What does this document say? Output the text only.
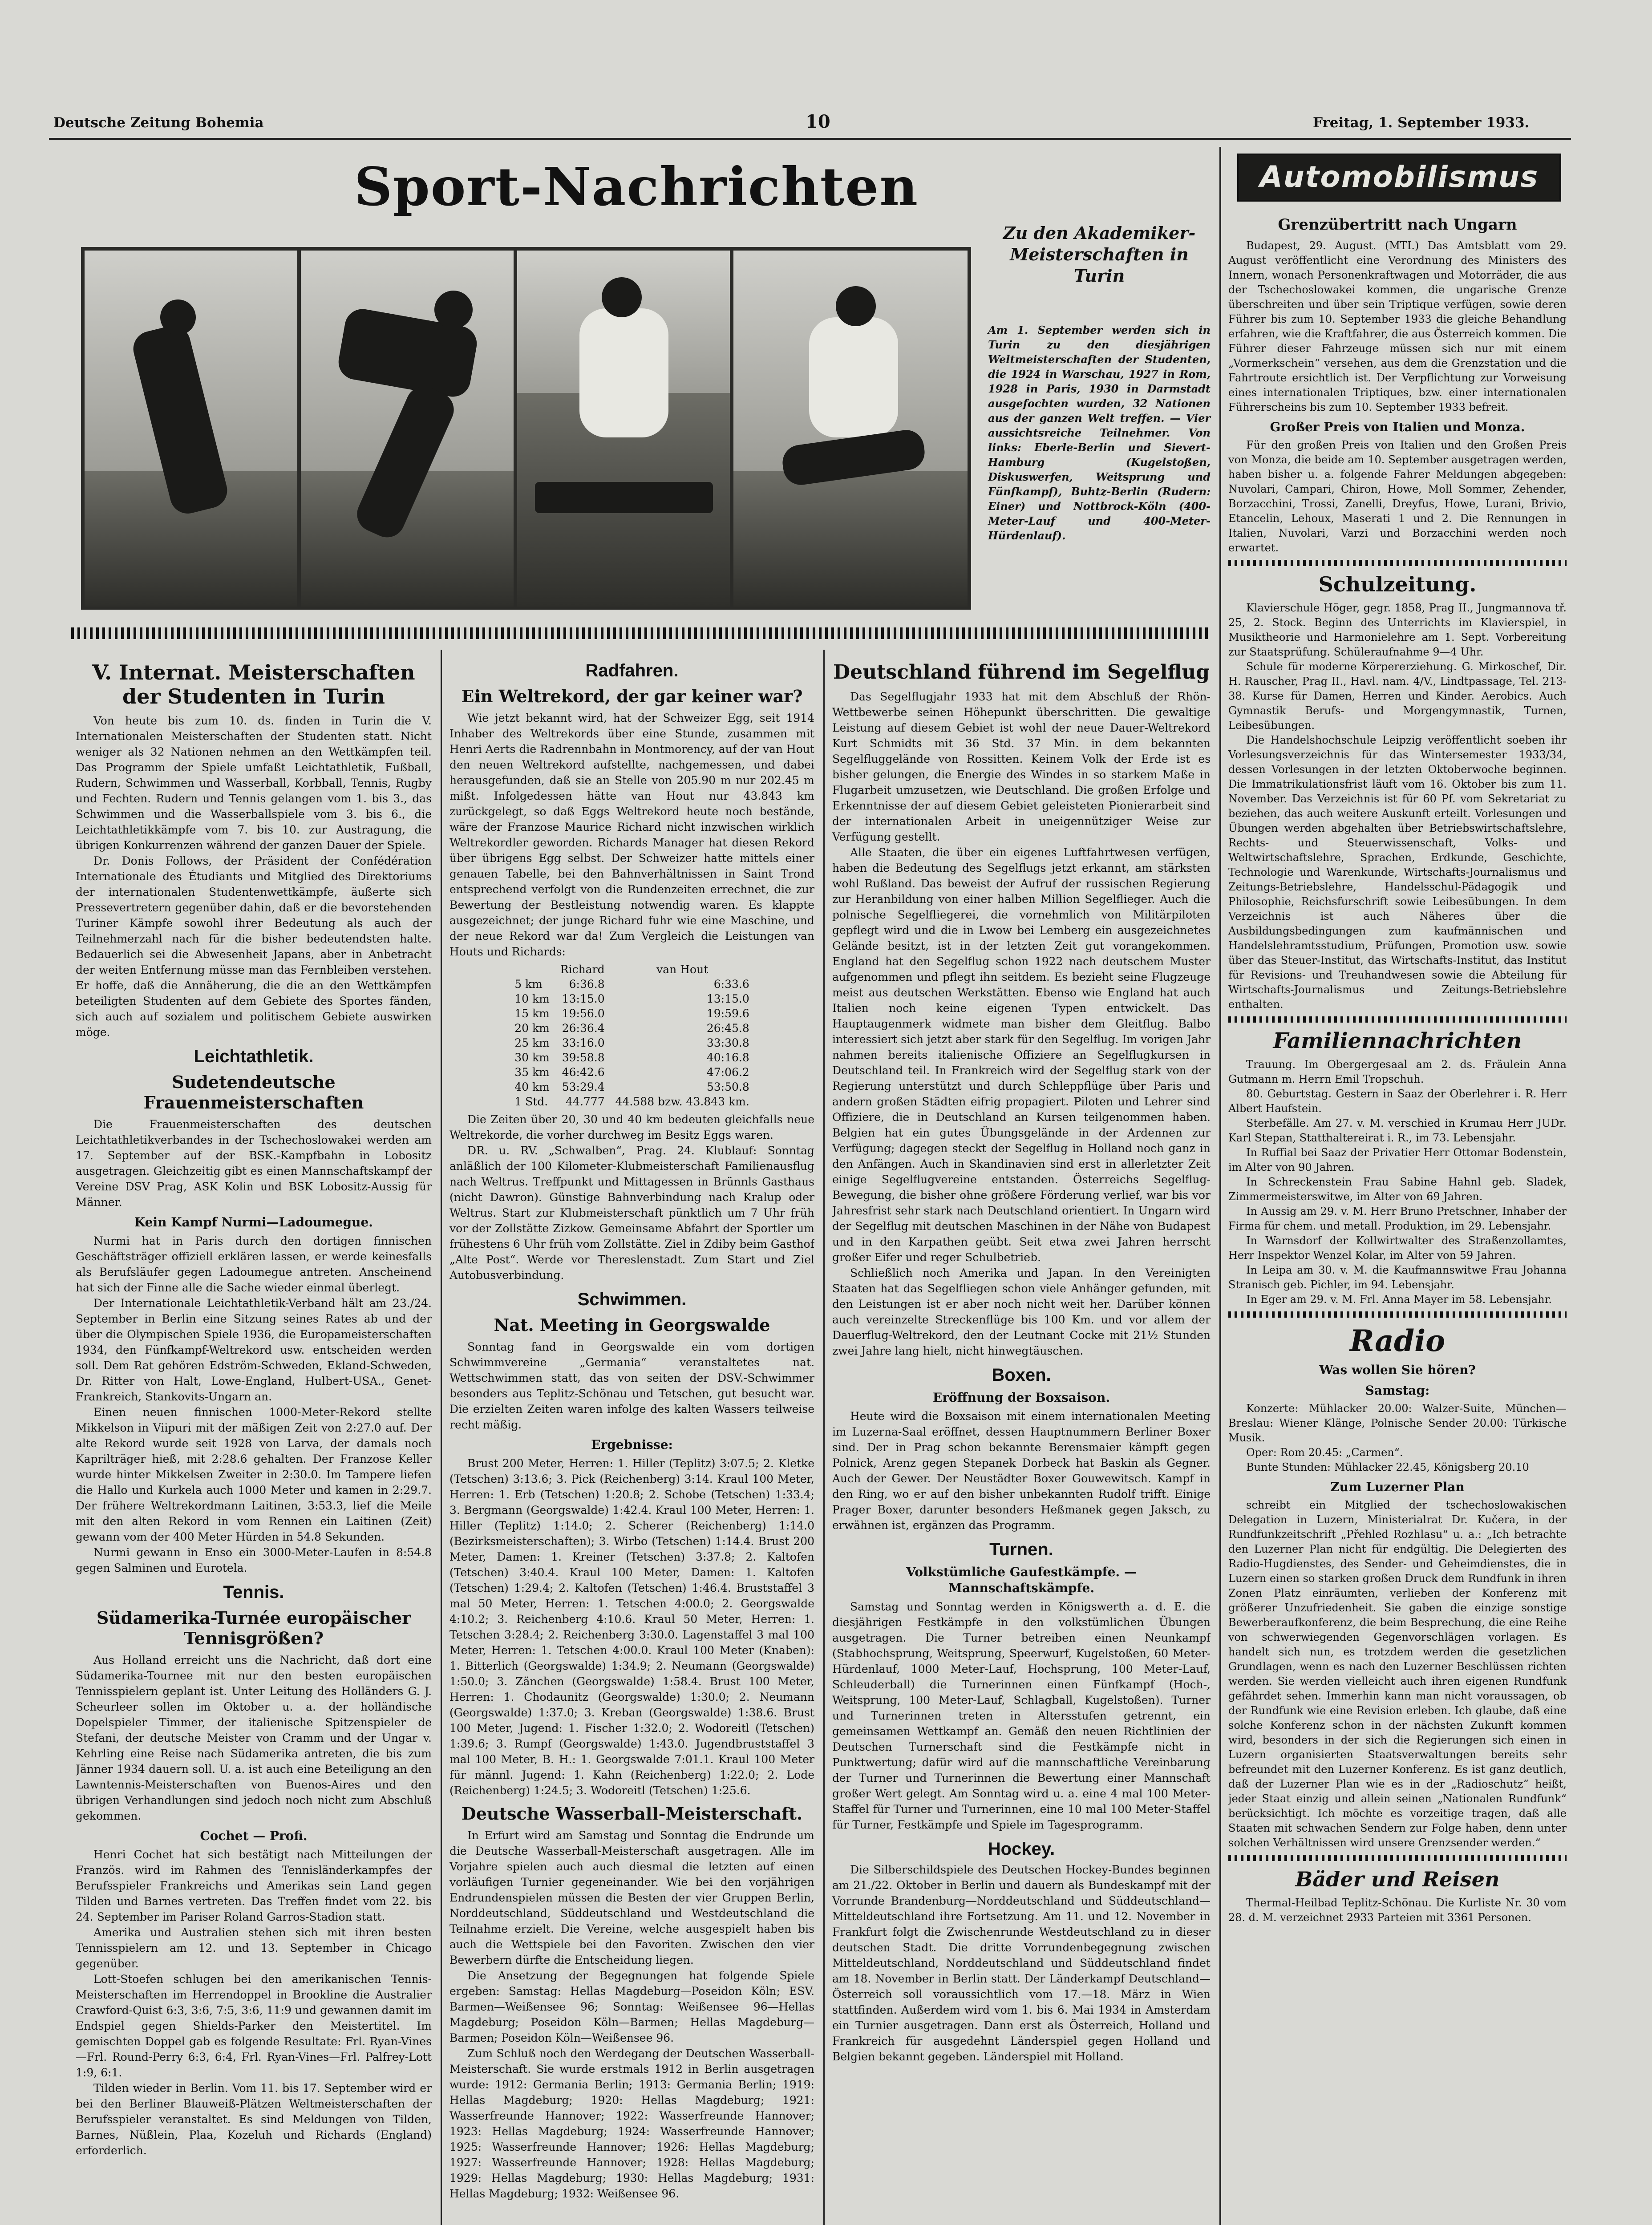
Deutsche Zeitung Bohemia	10	Freitag, 1. September 1933.
Sport-Nachrichten
Zu den Akademiker-Meisterschaften in Turin
Am 1. September werden sich in Turin zu den diesjährigen Weltmeisterschaften der Studenten, die 1924 in Warschau, 1927 in Rom, 1928 in Paris, 1930 in Darmstadt ausgefochten wurden, 32 Nationen aus der ganzen Welt treffen. — Vier aussichtsreiche Teilnehmer. Von links: Eberle-Berlin und Sievert-Hamburg (Kugelstoßen, Diskuswerfen, Weitsprung und Fünfkampf), Buhtz-Berlin (Rudern: Einer) und Nottbrock-Köln (400-Meter-Lauf und 400-Meter-Hürdenlauf).
Automobilismus
V. Internat. Meisterschaften der Studenten in Turin

Von heute bis zum 10. ds. finden in Turin die V. Internationalen Meisterschaften der Studenten statt. Nicht weniger als 32 Nationen nehmen an den Wettkämpfen teil. Das Programm der Spiele umfaßt Leichtathletik, Fußball, Rudern, Schwimmen und Wasserball, Korbball, Tennis, Rugby und Fechten. Rudern und Tennis gelangen vom 1. bis 3., das Schwimmen und die Wasserballspiele vom 3. bis 6., die Leichtathletikkämpfe vom 7. bis 10. zur Austragung, die übrigen Konkurrenzen während der ganzen Dauer der Spiele.

Dr. Donis Follows, der Präsident der Confédération Internationale des Étudiants und Mitglied des Direktoriums der internationalen Studentenwettkämpfe, äußerte sich Pressevertretern gegenüber dahin, daß er die bevorstehenden Turiner Kämpfe sowohl ihrer Bedeutung als auch der Teilnehmerzahl nach für die bisher bedeutendsten halte. Bedauerlich sei die Abwesenheit Japans, aber in Anbetracht der weiten Entfernung müsse man das Fernbleiben verstehen. Er hoffe, daß die Annäherung, die die an den Wettkämpfen beteiligten Studenten auf dem Gebiete des Sportes fänden, sich auch auf sozialem und politischem Gebiete auswirken möge.

Leichtathletik.
Sudetendeutsche Frauenmeisterschaften

Die Frauenmeisterschaften des deutschen Leichtathletikverbandes in der Tschechoslowakei werden am 17. September auf der BSK.-Kampfbahn in Lobositz ausgetragen. Gleichzeitig gibt es einen Mannschaftskampf der Vereine DSV Prag, ASK Kolin und BSK Lobositz-Aussig für Männer.

Kein Kampf Nurmi—Ladoumegue.

Nurmi hat in Paris durch den dortigen finnischen Geschäftsträger offiziell erklären lassen, er werde keinesfalls als Berufsläufer gegen Ladoumegue antreten. Anscheinend hat sich der Finne alle die Sache wieder einmal überlegt.

Der Internationale Leichtathletik-Verband hält am 23./24. September in Berlin eine Sitzung seines Rates ab und der über die Olympischen Spiele 1936, die Europameisterschaften 1934, den Fünfkampf-Weltrekord usw. entscheiden werden soll. Dem Rat gehören Edström-Schweden, Ekland-Schweden, Dr. Ritter von Halt, Lowe-England, Hulbert-USA., Genet-Frankreich, Stankovits-Ungarn an.

Einen neuen finnischen 1000-Meter-Rekord stellte Mikkelson in Viipuri mit der mäßigen Zeit von 2:27.0 auf. Der alte Rekord wurde seit 1928 von Larva, der damals noch Kaprilträger hieß, mit 2:28.6 gehalten. Der Franzose Keller wurde hinter Mikkelsen Zweiter in 2:30.0. Im Tampere liefen die Hallo und Kurkela auch 1000 Meter und kamen in 2:29.7. Der frühere Weltrekordmann Laitinen, 3:53.3, lief die Meile mit den alten Rekord in vom Rennen ein Laitinen (Zeit) gewann vom der 400 Meter Hürden in 54.8 Sekunden.

Nurmi gewann in Enso ein 3000-Meter-Laufen in 8:54.8 gegen Salminen und Eurotela.

Tennis.
Südamerika-Turnée europäischer Tennisgrößen?

Aus Holland erreicht uns die Nachricht, daß dort eine Südamerika-Tournee mit nur den besten europäischen Tennisspielern geplant ist. Unter Leitung des Holländers G. J. Scheurleer sollen im Oktober u. a. der holländische Dopelspieler Timmer, der italienische Spitzenspieler de Stefani, der deutsche Meister von Cramm und der Ungar v. Kehrling eine Reise nach Südamerika antreten, die bis zum Jänner 1934 dauern soll. U. a. ist auch eine Beteiligung an den Lawntennis-Meisterschaften von Buenos-Aires und den übrigen Verhandlungen sind jedoch noch nicht zum Abschluß gekommen.

Cochet — Profi.

Henri Cochet hat sich bestätigt nach Mitteilungen der Französ. wird im Rahmen des Tennisländerkampfes der Berufsspieler Frankreichs und Amerikas sein Land gegen Tilden und Barnes vertreten. Das Treffen findet vom 22. bis 24. September im Pariser Roland Garros-Stadion statt.

Amerika und Australien stehen sich mit ihren besten Tennisspielern am 12. und 13. September in Chicago gegenüber.

Lott-Stoefen schlugen bei den amerikanischen Tennis-Meisterschaften im Herrendoppel in Brookline die Australier Crawford-Quist 6:3, 3:6, 7:5, 3:6, 11:9 und gewannen damit im Endspiel gegen Shields-Parker den Meistertitel. Im gemischten Doppel gab es folgende Resultate: Frl. Ryan-Vines—Frl. Round-Perry 6:3, 6:4, Frl. Ryan-Vines—Frl. Palfrey-Lott 1:9, 6:1.

Tilden wieder in Berlin. Vom 11. bis 17. September wird er bei den Berliner Blauweiß-Plätzen Weltmeisterschaften der Berufsspieler veranstaltet. Es sind Meldungen von Tilden, Barnes, Nüßlein, Plaa, Kozeluh und Richards (England) erforderlich.

Radfahren.
Ein Weltrekord, der gar keiner war?

Wie jetzt bekannt wird, hat der Schweizer Egg, seit 1914 Inhaber des Weltrekords über eine Stunde, zusammen mit Henri Aerts die Radrennbahn in Montmorency, auf der van Hout den neuen Weltrekord aufstellte, nachgemessen, und dabei herausgefunden, daß sie an Stelle von 205.90 m nur 202.45 m mißt. Infolgedessen hätte van Hout nur 43.843 km zurückgelegt, so daß Eggs Weltrekord heute noch bestände, wäre der Franzose Maurice Richard nicht inzwischen wirklich Weltrekordler geworden. Richards Manager hat diesen Rekord über übrigens Egg selbst. Der Schweizer hatte mittels einer genauen Tabelle, bei den Bahnverhältnissen in Saint Trond entsprechend verfolgt von die Rundenzeiten errechnet, die zur Bewertung der Bestleistung notwendig waren. Es klappte ausgezeichnet; der junge Richard fuhr wie eine Maschine, und der neue Rekord war da! Zum Vergleich die Leistungen van Houts und Richards:

	Richard	van Hout
5 km	6:36.8	6:33.6
10 km	13:15.0	13:15.0
15 km	19:56.0	19:59.6
20 km	26:36.4	26:45.8
25 km	33:16.0	33:30.8
30 km	39:58.8	40:16.8
35 km	46:42.6	47:06.2
40 km	53:29.4	53:50.8
1 Std.	44.777	44.588 bzw. 43.843 km.

Die Zeiten über 20, 30 und 40 km bedeuten gleichfalls neue Weltrekorde, die vorher durchweg im Besitz Eggs waren.

DR. u. RV. „Schwalben“, Prag. 24. Klublauf: Sonntag anläßlich der 100 Kilometer-Klubmeisterschaft Familienausflug nach Weltrus. Treffpunkt und Mittagessen in Brünnls Gasthaus (nicht Dawron). Günstige Bahnverbindung nach Kralup oder Weltrus. Start zur Klubmeisterschaft pünktlich um 7 Uhr früh vor der Zollstätte Zizkow. Gemeinsame Abfahrt der Sportler um frühestens 6 Uhr früh vom Zollstätte. Ziel in Zdiby beim Gasthof „Alte Post“. Werde vor Thereslenstadt. Zum Start und Ziel Autobusverbindung.

Schwimmen.
Nat. Meeting in Georgswalde

Sonntag fand in Georgswalde ein vom dortigen Schwimmvereine „Germania“ veranstaltetes nat. Wettschwimmen statt, das von seiten der DSV.-Schwimmer besonders aus Teplitz-Schönau und Tetschen, gut besucht war. Die erzielten Zeiten waren infolge des kalten Wassers teilweise recht mäßig.

Ergebnisse:

Brust 200 Meter, Herren: 1. Hiller (Teplitz) 3:07.5; 2. Kletke (Tetschen) 3:13.6; 3. Pick (Reichenberg) 3:14. Kraul 100 Meter, Herren: 1. Erb (Tetschen) 1:20.8; 2. Schobe (Tetschen) 1:33.4; 3. Bergmann (Georgswalde) 1:42.4. Kraul 100 Meter, Herren: 1. Hiller (Teplitz) 1:14.0; 2. Scherer (Reichenberg) 1:14.0 (Bezirksmeisterschaften); 3. Wirbo (Tetschen) 1:14.4. Brust 200 Meter, Damen: 1. Kreiner (Tetschen) 3:37.8; 2. Kaltofen (Tetschen) 3:40.4. Kraul 100 Meter, Damen: 1. Kaltofen (Tetschen) 1:29.4; 2. Kaltofen (Tetschen) 1:46.4. Bruststaffel 3 mal 50 Meter, Herren: 1. Tetschen 4:00.0; 2. Georgswalde 4:10.2; 3. Reichenberg 4:10.6. Kraul 50 Meter, Herren: 1. Tetschen 3:28.4; 2. Reichenberg 3:30.0. Lagenstaffel 3 mal 100 Meter, Herren: 1. Tetschen 4:00.0. Kraul 100 Meter (Knaben): 1. Bitterlich (Georgswalde) 1:34.9; 2. Neumann (Georgswalde) 1:50.0; 3. Zänchen (Georgswalde) 1:58.4. Brust 100 Meter, Herren: 1. Chodaunitz (Georgswalde) 1:30.0; 2. Neumann (Georgswalde) 1:37.0; 3. Kreban (Georgswalde) 1:38.6. Brust 100 Meter, Jugend: 1. Fischer 1:32.0; 2. Wodoreitl (Tetschen) 1:39.6; 3. Rumpf (Georgswalde) 1:43.0. Jugendbruststaffel 3 mal 100 Meter, B. H.: 1. Georgswalde 7:01.1. Kraul 100 Meter für männl. Jugend: 1. Kahn (Reichenberg) 1:22.0; 2. Lode (Reichenberg) 1:24.5; 3. Wodoreitl (Tetschen) 1:25.6.

Deutsche Wasserball-Meisterschaft.

In Erfurt wird am Samstag und Sonntag die Endrunde um die Deutsche Wasserball-Meisterschaft ausgetragen. Alle im Vorjahre spielen auch auch diesmal die letzten auf einen vorläufigen Turnier gegeneinander. Wie bei den vorjährigen Endrundenspielen müssen die Besten der vier Gruppen Berlin, Norddeutschland, Süddeutschland und Westdeutschland die Teilnahme erzielt. Die Vereine, welche ausgespielt haben bis auch die Wettspiele bei den Favoriten. Zwischen den vier Bewerbern dürfte die Entscheidung liegen.

Die Ansetzung der Begegnungen hat folgende Spiele ergeben: Samstag: Hellas Magdeburg—Poseidon Köln; ESV. Barmen—Weißensee 96; Sonntag: Weißensee 96—Hellas Magdeburg; Poseidon Köln—Barmen; Hellas Magdeburg—Barmen; Poseidon Köln—Weißensee 96.

Zum Schluß noch den Werdegang der Deutschen Wasserball-Meisterschaft. Sie wurde erstmals 1912 in Berlin ausgetragen wurde: 1912: Germania Berlin; 1913: Germania Berlin; 1919: Hellas Magdeburg; 1920: Hellas Magdeburg; 1921: Wasserfreunde Hannover; 1922: Wasserfreunde Hannover; 1923: Hellas Magdeburg; 1924: Wasserfreunde Hannover; 1925: Wasserfreunde Hannover; 1926: Hellas Magdeburg; 1927: Wasserfreunde Hannover; 1928: Hellas Magdeburg; 1929: Hellas Magdeburg; 1930: Hellas Magdeburg; 1931: Hellas Magdeburg; 1932: Weißensee 96.

Deutschland führend im Segelflug

Das Segelflugjahr 1933 hat mit dem Abschluß der Rhön-Wettbewerbe seinen Höhepunkt überschritten. Die gewaltige Leistung auf diesem Gebiet ist wohl der neue Dauer-Weltrekord Kurt Schmidts mit 36 Std. 37 Min. in dem bekannten Segelfluggelände von Rossitten. Keinem Volk der Erde ist es bisher gelungen, die Energie des Windes in so starkem Maße in Flugarbeit umzusetzen, wie Deutschland. Die großen Erfolge und Erkenntnisse der auf diesem Gebiet geleisteten Pionierarbeit sind der internationalen Arbeit in uneigennütziger Weise zur Verfügung gestellt.

Alle Staaten, die über ein eigenes Luftfahrtwesen verfügen, haben die Bedeutung des Segelflugs jetzt erkannt, am stärksten wohl Rußland. Das beweist der Aufruf der russischen Regierung zur Heranbildung von einer halben Million Segelflieger. Auch die polnische Segelfliegerei, die vornehmlich von Militärpiloten gepflegt wird und die in Lwow bei Lemberg ein ausgezeichnetes Gelände besitzt, ist in der letzten Zeit gut vorangekommen. England hat den Segelflug schon 1922 nach deutschem Muster aufgenommen und pflegt ihn seitdem. Es bezieht seine Flugzeuge meist aus deutschen Werkstätten. Ebenso wie England hat auch Italien noch keine eigenen Typen entwickelt. Das Hauptaugenmerk widmete man bisher dem Gleitflug. Balbo interessiert sich jetzt aber stark für den Segelflug. Im vorigen Jahr nahmen bereits italienische Offiziere an Segelflugkursen in Deutschland teil. In Frankreich wird der Segelflug stark von der Regierung unterstützt und durch Schleppflüge über Paris und andern großen Städten eifrig propagiert. Piloten und Lehrer sind Offiziere, die in Deutschland an Kursen teilgenommen haben. Belgien hat ein gutes Übungsgelände in der Ardennen zur Verfügung; dagegen steckt der Segelflug in Holland noch ganz in den Anfängen. Auch in Skandinavien sind erst in allerletzter Zeit einige Segelflugvereine entstanden. Österreichs Segelflug-Bewegung, die bisher ohne größere Förderung verlief, war bis vor Jahresfrist sehr stark nach Deutschland orientiert. In Ungarn wird der Segelflug mit deutschen Maschinen in der Nähe von Budapest und in den Karpathen geübt. Seit etwa zwei Jahren herrscht großer Eifer und reger Schulbetrieb.

Schließlich noch Amerika und Japan. In den Vereinigten Staaten hat das Segelfliegen schon viele Anhänger gefunden, mit den Leistungen ist er aber noch nicht weit her. Darüber können auch vereinzelte Streckenflüge bis 100 Km. und vor allem der Dauerflug-Weltrekord, den der Leutnant Cocke mit 21½ Stunden zwei Jahre lang hielt, nicht hinwegtäuschen.

Boxen.
Eröffnung der Boxsaison.

Heute wird die Boxsaison mit einem internationalen Meeting im Luzerna-Saal eröffnet, dessen Hauptnummern Berliner Boxer sind. Der in Prag schon bekannte Berensmaier kämpft gegen Polnick, Arenz gegen Stepanek Dorbeck hat Baskin als Gegner. Auch der Gewer. Der Neustädter Boxer Gouwewitsch. Kampf in den Ring, wo er auf den bisher unbekannten Rudolf trifft. Einige Prager Boxer, darunter besonders Heßmanek gegen Jaksch, zu erwähnen ist, ergänzen das Programm.

Turnen.
Volkstümliche Gaufestkämpfe. — Mannschaftskämpfe.

Samstag und Sonntag werden in Königswerth a. d. E. die diesjährigen Festkämpfe in den volkstümlichen Übungen ausgetragen. Die Turner betreiben einen Neunkampf (Stabhochsprung, Weitsprung, Speerwurf, Kugelstoßen, 60 Meter-Hürdenlauf, 1000 Meter-Lauf, Hochsprung, 100 Meter-Lauf, Schleuderball) die Turnerinnen einen Fünfkampf (Hoch-, Weitsprung, 100 Meter-Lauf, Schlagball, Kugelstoßen). Turner und Turnerinnen treten in Altersstufen getrennt, ein gemeinsamen Wettkampf an. Gemäß den neuen Richtlinien der Deutschen Turnerschaft sind die Festkämpfe nicht in Punktwertung; dafür wird auf die mannschaftliche Vereinbarung der Turner und Turnerinnen die Bewertung einer Mannschaft großer Wert gelegt. Am Sonntag wird u. a. eine 4 mal 100 Meter-Staffel für Turner und Turnerinnen, eine 10 mal 100 Meter-Staffel für Turner, Festkämpfe und Spiele im Tagesprogramm.

Hockey.

Die Silberschildspiele des Deutschen Hockey-Bundes beginnen am 21./22. Oktober in Berlin und dauern als Bundeskampf mit der Vorrunde Brandenburg—Norddeutschland und Süddeutschland—Mitteldeutschland ihre Fortsetzung. Am 11. und 12. November in Frankfurt folgt die Zwischenrunde Westdeutschland zu in dieser deutschen Stadt. Die dritte Vorrundenbegegnung zwischen Mitteldeutschland, Norddeutschland und Süddeutschland findet am 18. November in Berlin statt. Der Länderkampf Deutschland—Österreich soll voraussichtlich vom 17.—18. März in Wien stattfinden. Außerdem wird vom 1. bis 6. Mai 1934 in Amsterdam ein Turnier ausgetragen. Dann erst als Österreich, Holland und Frankreich für ausgedehnt Länderspiel gegen Holland und Belgien bekannt gegeben. Länderspiel mit Holland.

Grenzübertritt nach Ungarn

Budapest, 29. August. (MTI.) Das Amtsblatt vom 29. August veröffentlicht eine Verordnung des Ministers des Innern, wonach Personenkraftwagen und Motorräder, die aus der Tschechoslowakei kommen, die ungarische Grenze überschreiten und über sein Triptique verfügen, sowie deren Führer bis zum 10. September 1933 die gleiche Behandlung erfahren, wie die Kraftfahrer, die aus Österreich kommen. Die Führer dieser Fahrzeuge müssen sich nur mit einem „Vormerkschein“ versehen, aus dem die Grenzstation und die Fahrtroute ersichtlich ist. Der Verpflichtung zur Vorweisung eines internationalen Triptiques, bzw. einer internationalen Führerscheins bis zum 10. September 1933 befreit.

Großer Preis von Italien und Monza.

Für den großen Preis von Italien und den Großen Preis von Monza, die beide am 10. September ausgetragen werden, haben bisher u. a. folgende Fahrer Meldungen abgegeben: Nuvolari, Campari, Chiron, Howe, Moll Sommer, Zehender, Borzacchini, Trossi, Zanelli, Dreyfus, Howe, Lurani, Brivio, Etancelin, Lehoux, Maserati 1 und 2. Die Rennungen in Italien, Nuvolari, Varzi und Borzacchini werden noch erwartet.

Schulzeitung.

Klavierschule Höger, gegr. 1858, Prag II., Jungmannova tř. 25, 2. Stock. Beginn des Unterrichts im Klavierspiel, in Musiktheorie und Harmonielehre am 1. Sept. Vorbereitung zur Staatsprüfung. Schüleraufnahme 9—4 Uhr.

Schule für moderne Körpererziehung. G. Mirkoschef, Dir. H. Rauscher, Prag II., Havl. nam. 4/V., Lindtpassage, Tel. 213-38. Kurse für Damen, Herren und Kinder. Aerobics. Auch Gymnastik Berufs- und Morgengymnastik, Turnen, Leibesübungen.

Die Handelshochschule Leipzig veröffentlicht soeben ihr Vorlesungsverzeichnis für das Wintersemester 1933/34, dessen Vorlesungen in der letzten Oktoberwoche beginnen. Die Immatrikulationsfrist läuft vom 16. Oktober bis zum 11. November. Das Verzeichnis ist für 60 Pf. vom Sekretariat zu beziehen, das auch weitere Auskunft erteilt. Vorlesungen und Übungen werden abgehalten über Betriebswirtschaftslehre, Rechts- und Steuerwissenschaft, Volks- und Weltwirtschaftslehre, Sprachen, Erdkunde, Geschichte, Technologie und Warenkunde, Wirtschafts-Journalismus und Zeitungs-Betriebslehre, Handelsschul-Pädagogik und Philosophie, Reichsfurschrift sowie Leibesübungen. In dem Verzeichnis ist auch Näheres über die Ausbildungsbedingungen zum kaufmännischen und Handelslehramtsstudium, Prüfungen, Promotion usw. sowie über das Steuer-Institut, das Wirtschafts-Institut, das Institut für Revisions- und Treuhandwesen sowie die Abteilung für Wirtschafts-Journalismus und Zeitungs-Betriebslehre enthalten.

Familiennachrichten

Trauung. Im Obergergesaal am 2. ds. Fräulein Anna Gutmann m. Herrn Emil Tropschuh.

80. Geburtstag. Gestern in Saaz der Oberlehrer i. R. Herr Albert Haufstein.

Sterbefälle. Am 27. v. M. verschied in Krumau Herr JUDr. Karl Stepan, Statthaltereirat i. R., im 73. Lebensjahr.

In Ruffial bei Saaz der Privatier Herr Ottomar Bodenstein, im Alter von 90 Jahren.

In Schreckenstein Frau Sabine Hahnl geb. Sladek, Zimmermeisterswitwe, im Alter von 69 Jahren.

In Aussig am 29. v. M. Herr Bruno Pretschner, Inhaber der Firma für chem. und metall. Produktion, im 29. Lebensjahr.

In Warnsdorf der Kollwirtwalter des Straßenzollamtes, Herr Inspektor Wenzel Kolar, im Alter von 59 Jahren.

In Leipa am 30. v. M. die Kaufmannswitwe Frau Johanna Stranisch geb. Pichler, im 94. Lebensjahr.

In Eger am 29. v. M. Frl. Anna Mayer im 58. Lebensjahr.

Radio
Was wollen Sie hören?
Samstag:

Konzerte: Mühlacker 20.00: Walzer-Suite, München—Breslau: Wiener Klänge, Polnische Sender 20.00: Türkische Musik.

Oper: Rom 20.45: „Carmen“.

Bunte Stunden: Mühlacker 22.45, Königsberg 20.10

Zum Luzerner Plan

schreibt ein Mitglied der tschechoslowakischen Delegation in Luzern, Ministerialrat Dr. Kučera, in der Rundfunkzeitschrift „Přehled Rozhlasu“ u. a.: „Ich betrachte den Luzerner Plan nicht für endgültig. Die Delegierten des Radio-Hugdienstes, des Sender- und Geheimdienstes, die in Luzern einen so starken großen Druck dem Rundfunk in ihren Zonen Platz einräumten, verlieben der Konferenz mit größerer Unzufriedenheit. Sie gaben die einzige sonstige Bewerberaufkonferenz, die beim Besprechung, die eine Reihe von schwerwiegenden Gegenvorschlägen vorlagen. Es handelt sich nun, es trotzdem werden die gesetzlichen Grundlagen, wenn es nach den Luzerner Beschlüssen richten werden. Sie werden vielleicht auch ihren eigenen Rundfunk gefährdet sehen. Immerhin kann man nicht voraussagen, ob der Rundfunk wie eine Revision erleben. Ich glaube, daß eine solche Konferenz schon in der nächsten Zukunft kommen wird, besonders in der sich die Regierungen sich einen in Luzern organisierten Staatsverwaltungen bereits sehr befreundet mit den Luzerner Konferenz. Es ist ganz deutlich, daß der Luzerner Plan wie es in der „Radioschutz“ heißt, jeder Staat einzig und allein seinen „Nationalen Rundfunk“ berücksichtigt. Ich möchte es vorzeitige tragen, daß alle Staaten mit schwachen Sendern zur Folge haben, denn unter solchen Verhältnissen wird unsere Grenzsender werden.“

Bäder und Reisen

Thermal-Heilbad Teplitz-Schönau. Die Kurliste Nr. 30 vom 28. d. M. verzeichnet 2933 Parteien mit 3361 Personen.
